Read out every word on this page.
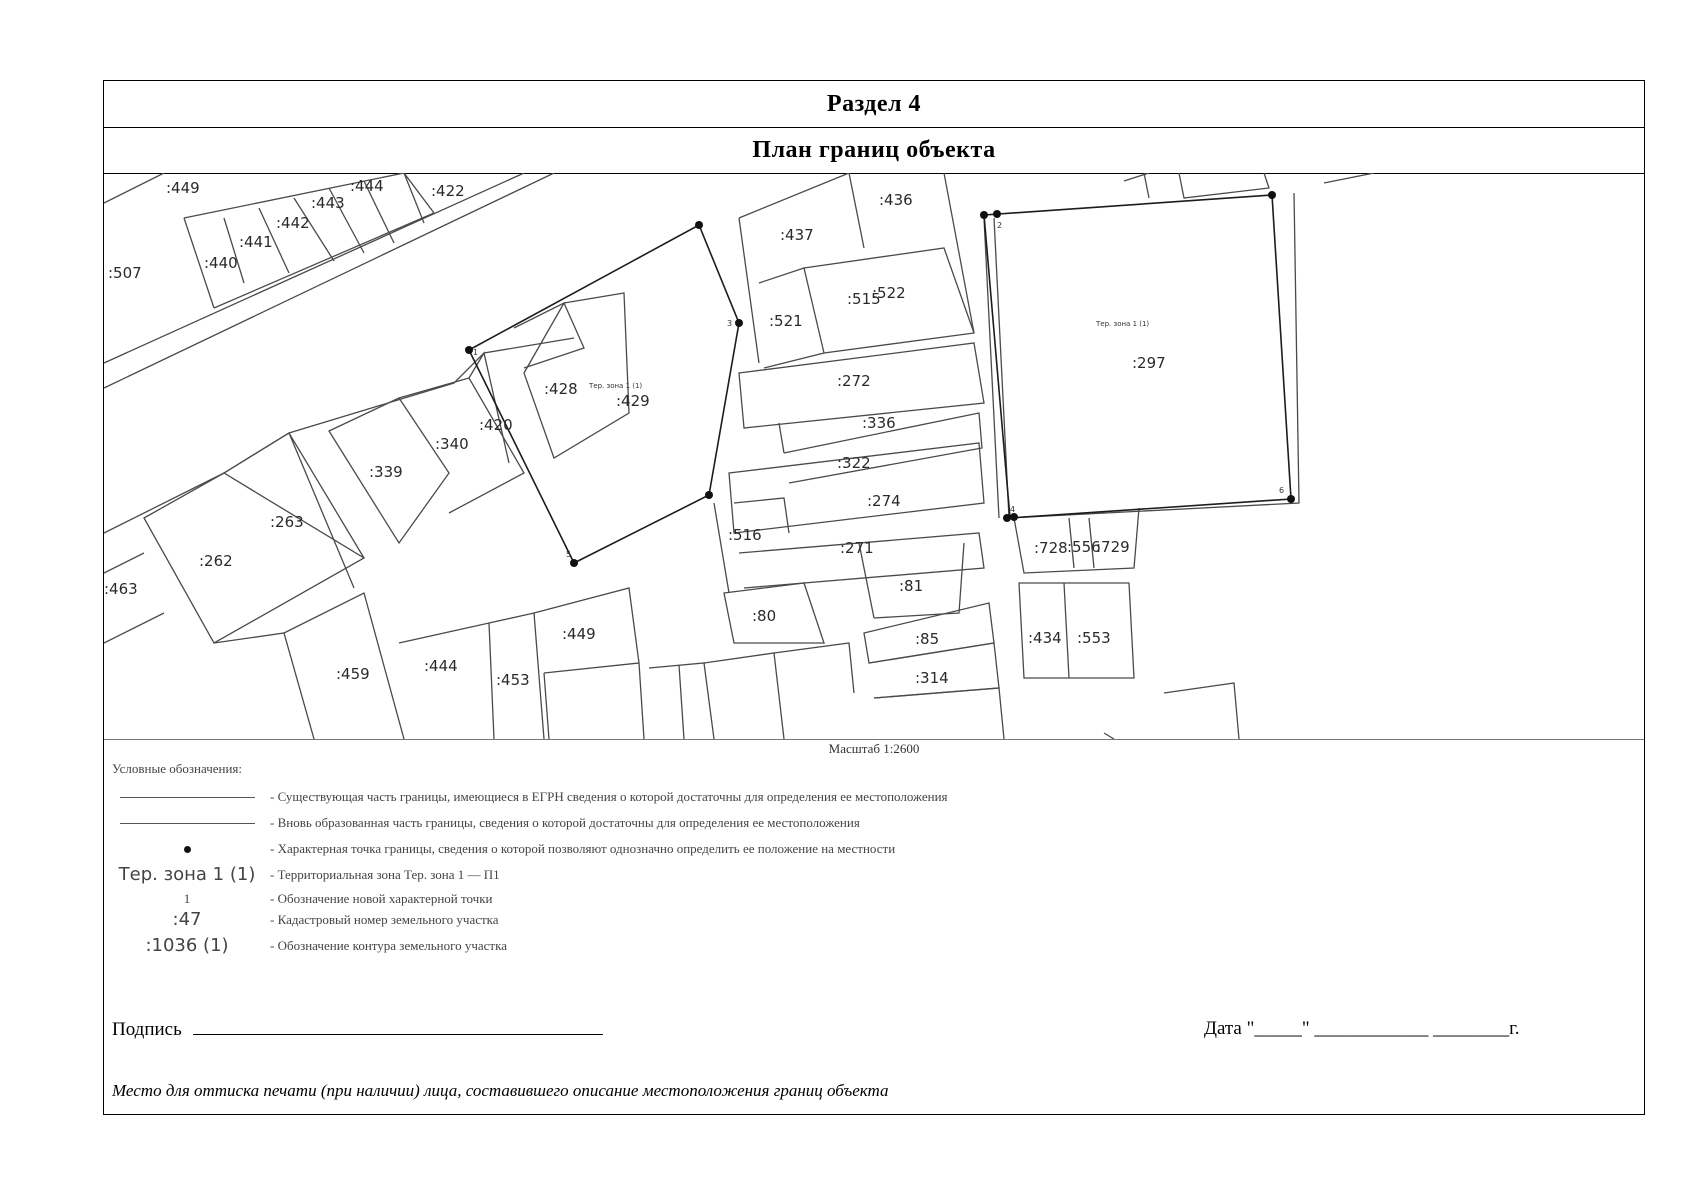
Раздел 4
План границ объекта
1
2
3
4
5
6
Тер. зона 1 (1)
Тер. зона 1 (1)
:449	:444
:443
:442
:441
:440
:422
:507
:437
:436
:521
:515
:522
:297
:428
:429
:272
:336
:340
:420
:339	:322
:274
:263
:262
:463
:516
:271	:728 :556
:729
:81
:80
:85	:434 :553
:314
:449
:444
:453
:459
Масштаб 1:2600
Условные обозначения:
- Существующая часть границы, имеющиеся в ЕГРН сведения о которой достаточны для определения ее местоположения
- Вновь образованная часть границы, сведения о которой достаточны для определения ее местоположения
- Характерная точка границы, сведения о которой позволяют однозначно определить ее положение на местности
Тер. зона 1 (1)	- Территориальная зона Тер. зона 1 — П1
1	- Обозначение новой характерной точки
:47	- Кадастровый номер земельного участка
:1036 (1)	- Обозначение контура земельного участка
Подпись	Дата "_____" ____________ ________г.
Место для оттиска печати (при наличии) лица, составившего описание местоположения границ объекта
